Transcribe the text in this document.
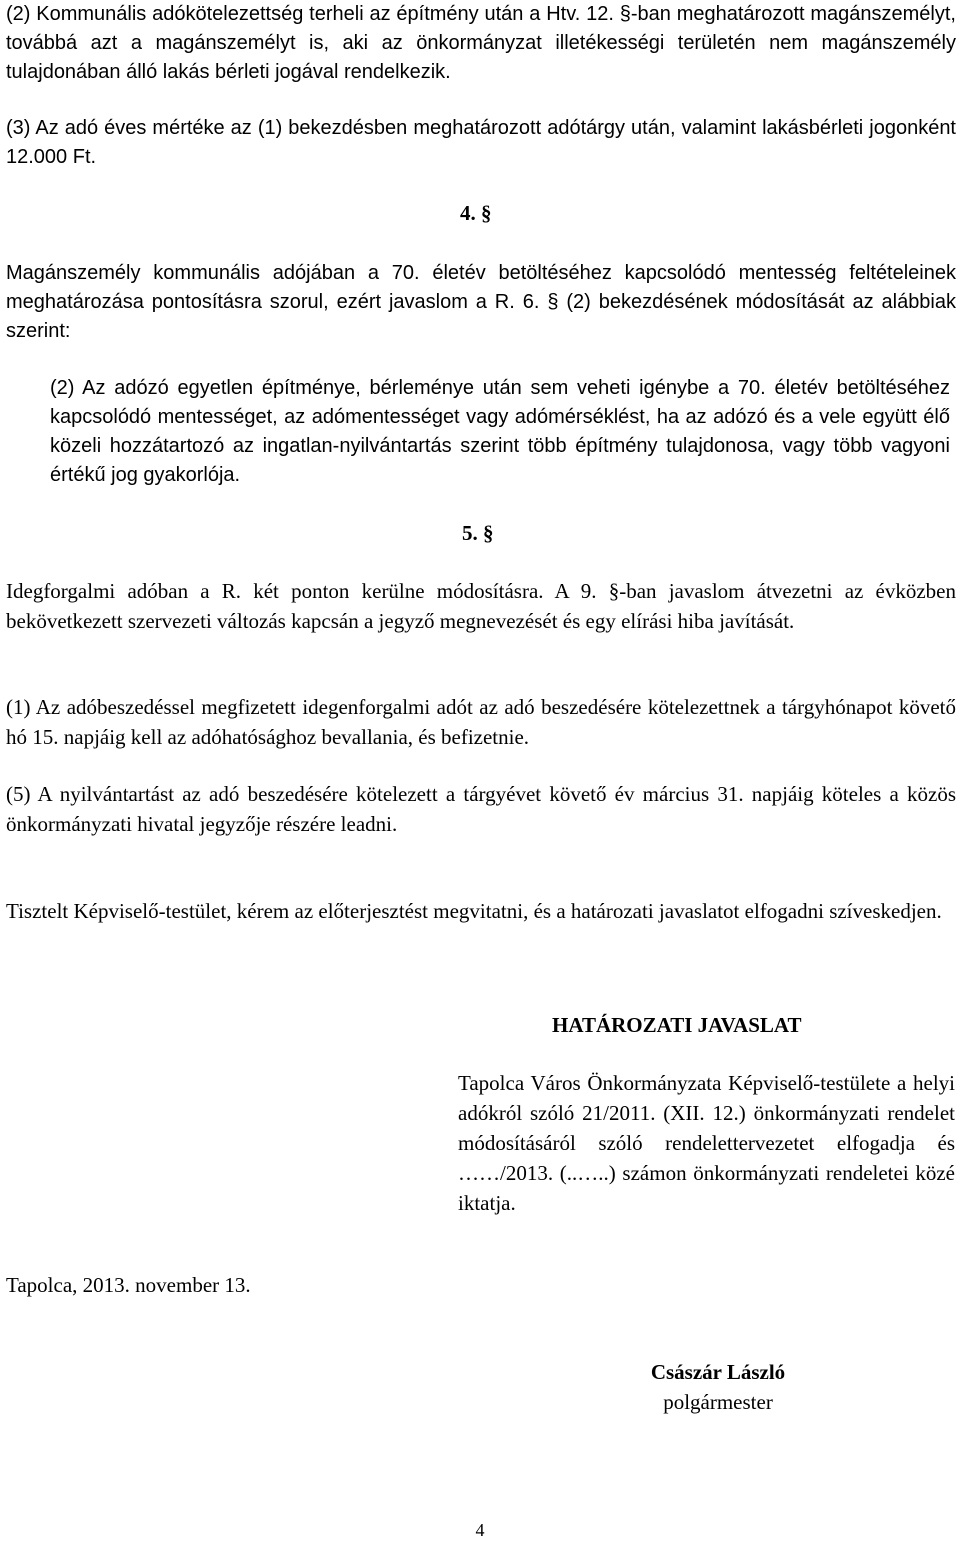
(2) Kommunális adókötelezettség terheli az építmény után a Htv. 12. §-ban meghatározott magánszemélyt, továbbá azt a magánszemélyt is, aki az önkormányzat illetékességi területén nem magánszemély tulajdonában álló lakás bérleti jogával rendelkezik.

(3) Az adó éves mértéke az (1) bekezdésben meghatározott adótárgy után, valamint lakásbérleti jogonként 12.000 Ft.

4. §

Magánszemély kommunális adójában a 70. életév betöltéséhez kapcsolódó mentesség feltételeinek meghatározása pontosításra szorul, ezért javaslom a R. 6. § (2) bekezdésének módosítását az alábbiak szerint:

(2) Az adózó egyetlen építménye, bérleménye után sem veheti igénybe a 70. életév betöltéséhez kapcsolódó mentességet, az adómentességet vagy adómérséklést, ha az adózó és a vele együtt élő közeli hozzátartozó az ingatlan-nyilvántartás szerint több építmény tulajdonosa, vagy több vagyoni értékű jog gyakorlója.

5. §

Idegforgalmi adóban a R. két ponton kerülne módosításra. A 9. §-ban javaslom átvezetni az évközben bekövetkezett szervezeti változás kapcsán a jegyző megnevezését és egy elírási hiba javítását.

(1) Az adóbeszedéssel megfizetett idegenforgalmi adót az adó beszedésére kötelezettnek a tárgyhónapot követő hó 15. napjáig kell az adóhatósághoz bevallania, és befizetnie.

(5) A nyilvántartást az adó beszedésére kötelezett a tárgyévet követő év március 31. napjáig köteles a közös önkormányzati hivatal jegyzője részére leadni.

Tisztelt Képviselő-testület, kérem az előterjesztést megvitatni, és a határozati javaslatot elfogadni szíveskedjen.

HATÁROZATI JAVASLAT

Tapolca Város Önkormányzata Képviselő-testülete a helyi adókról szóló 21/2011. (XII. 12.) önkormányzati rendelet módosításáról szóló rendelettervezetet elfogadja és ……/2013. (..…..) számon önkormányzati rendeletei közé iktatja.

Tapolca, 2013. november 13.
Császár László
polgármester
4
